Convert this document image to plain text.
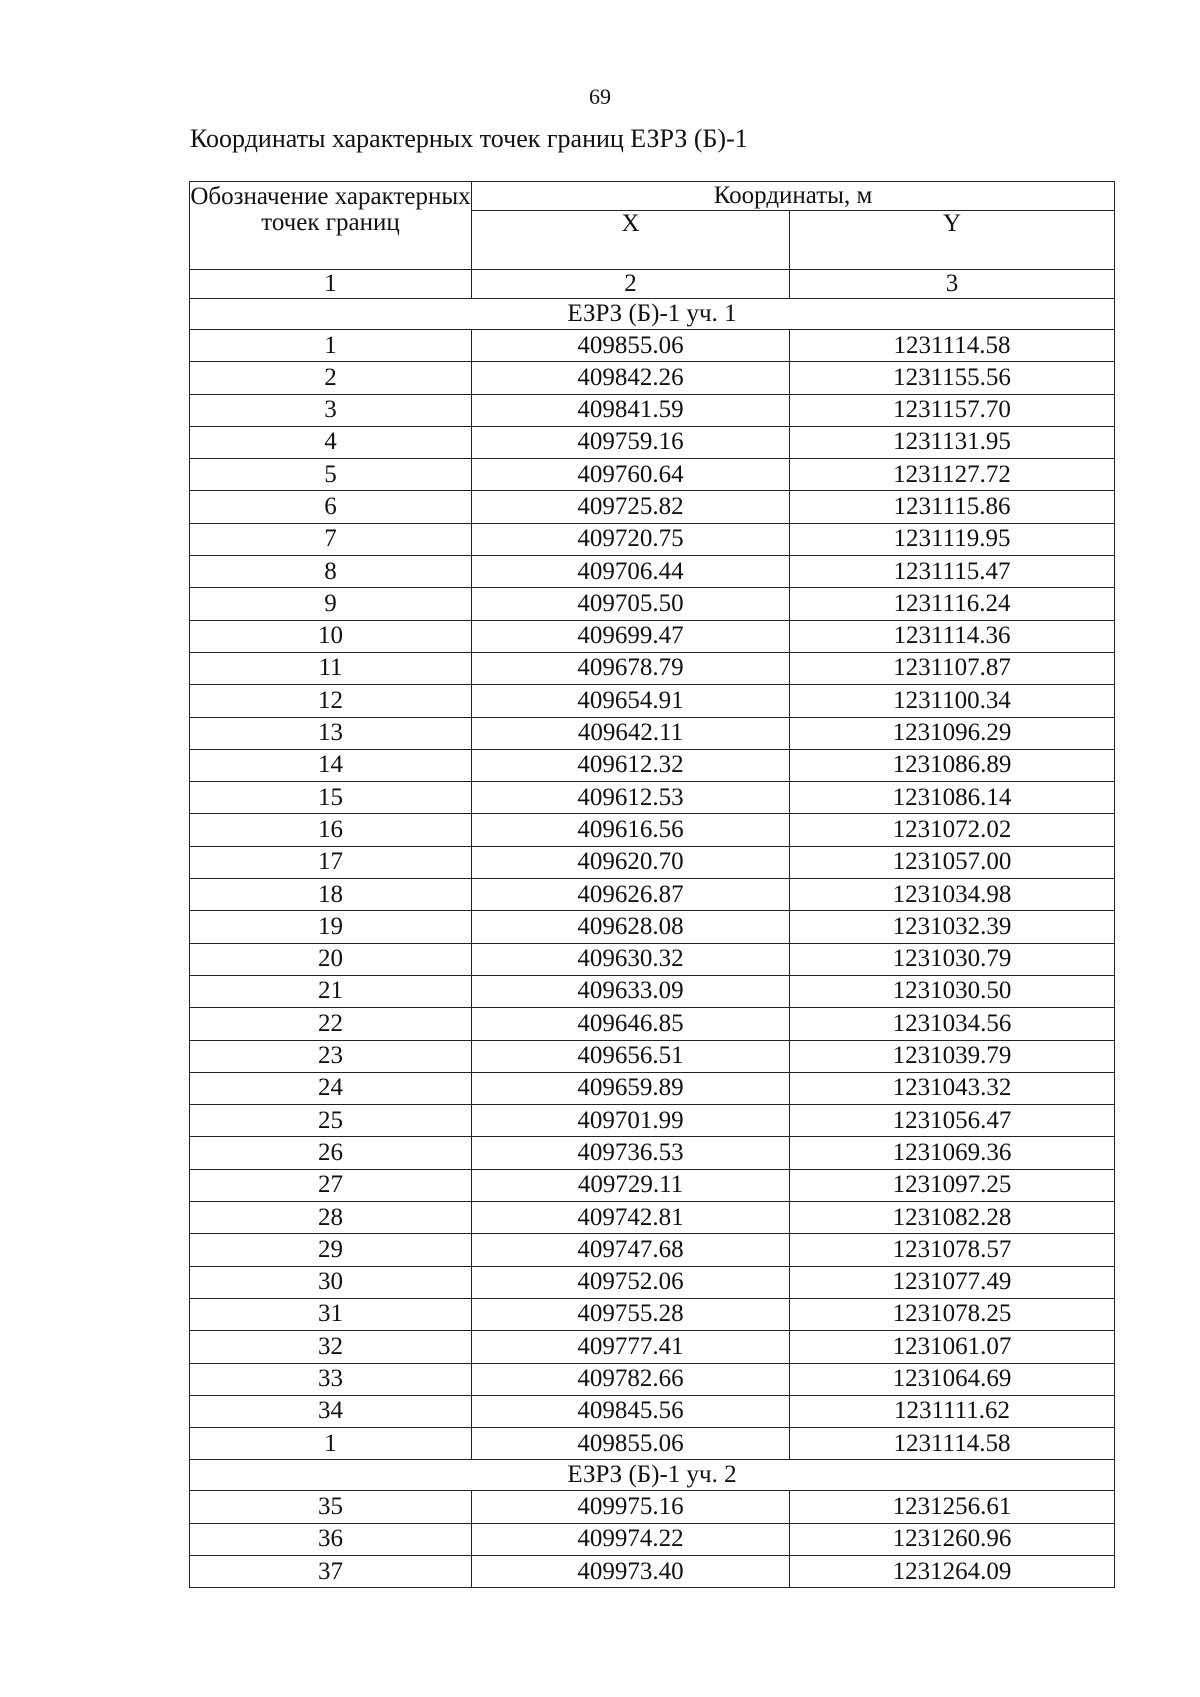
69
Координаты характерных точек границ ЕЗРЗ (Б)-1
Обозначение характерных точек границ	Координаты, м	
	X	Y
1	2	3
ЕЗРЗ (Б)-1 уч. 1		
1	409855.06	1231114.58
2	409842.26	1231155.56
3	409841.59	1231157.70
4	409759.16	1231131.95
5	409760.64	1231127.72
6	409725.82	1231115.86
7	409720.75	1231119.95
8	409706.44	1231115.47
9	409705.50	1231116.24
10	409699.47	1231114.36
11	409678.79	1231107.87
12	409654.91	1231100.34
13	409642.11	1231096.29
14	409612.32	1231086.89
15	409612.53	1231086.14
16	409616.56	1231072.02
17	409620.70	1231057.00
18	409626.87	1231034.98
19	409628.08	1231032.39
20	409630.32	1231030.79
21	409633.09	1231030.50
22	409646.85	1231034.56
23	409656.51	1231039.79
24	409659.89	1231043.32
25	409701.99	1231056.47
26	409736.53	1231069.36
27	409729.11	1231097.25
28	409742.81	1231082.28
29	409747.68	1231078.57
30	409752.06	1231077.49
31	409755.28	1231078.25
32	409777.41	1231061.07
33	409782.66	1231064.69
34	409845.56	1231111.62
1	409855.06	1231114.58
ЕЗРЗ (Б)-1 уч. 2		
35	409975.16	1231256.61
36	409974.22	1231260.96
37	409973.40	1231264.09
